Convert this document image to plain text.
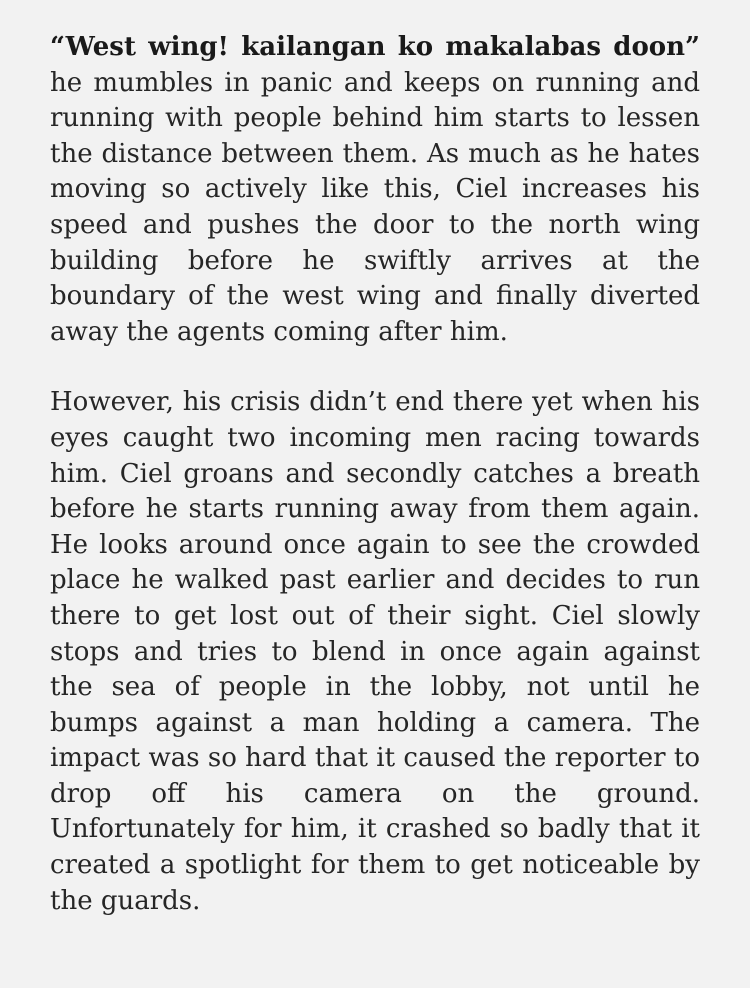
“West wing! kailangan ko makalabas doon” he mumbles in panic and keeps on running and running with people behind him starts to lessen the distance between them. As much as he hates moving so actively like this, Ciel increases his speed and pushes the door to the north wing building before he swiftly arrives at the boundary of the west wing and finally diverted away the agents coming after him.

However, his crisis didn’t end there yet when his eyes caught two incoming men racing towards him. Ciel groans and secondly catches a breath before he starts running away from them again. He looks around once again to see the crowded place he walked past earlier and decides to run there to get lost out of their sight. Ciel slowly stops and tries to blend in once again against the sea of people in the lobby, not until he bumps against a man holding a camera. The impact was so hard that it caused the reporter to drop off his camera on the ground. Unfortunately for him, it crashed so badly that it created a spotlight for them to get noticeable by the guards.
